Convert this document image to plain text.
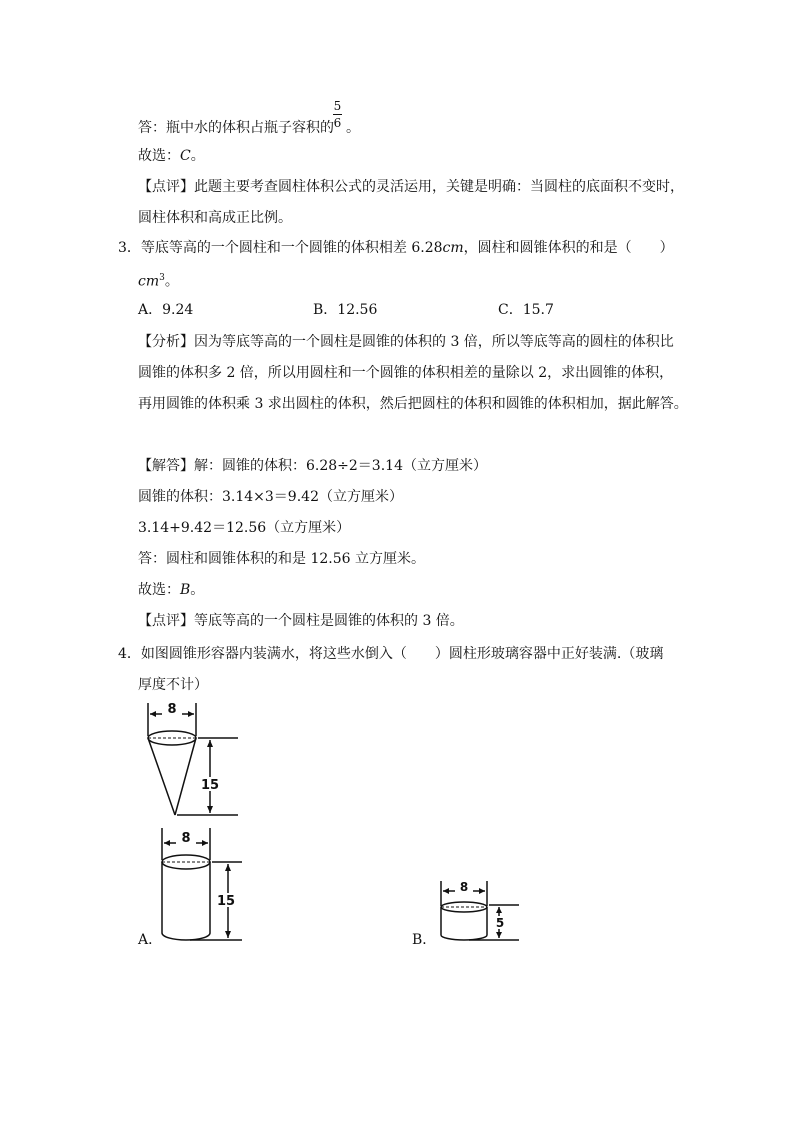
5
6
答：瓶中水的体积占瓶子容积的 。
故选：C。
【点评】此题主要考查圆柱体积公式的灵活运用，关键是明确：当圆柱的底面积不变时，
圆柱体积和高成正比例。
3．等底等高的一个圆柱和一个圆锥的体积相差 6.28cm，圆柱和圆锥体积的和是（　　）
$cm^3$。
A．9.24	B．12.56	C．15.7
【分析】因为等底等高的一个圆柱是圆锥的体积的 3 倍，所以等底等高的圆柱的体积比
圆锥的体积多 2 倍，所以用圆柱和一个圆锥的体积相差的量除以 2，求出圆锥的体积，
再用圆锥的体积乘 3 求出圆柱的体积，然后把圆柱的体积和圆锥的体积相加，据此解答。
【解答】解：圆锥的体积：6.28÷2＝3.14（立方厘米）
圆锥的体积：3.14×3＝9.42（立方厘米）
3.14+9.42＝12.56（立方厘米）
答：圆柱和圆锥体积的和是 12.56 立方厘米。
故选：B。
【点评】等底等高的一个圆柱是圆锥的体积的 3 倍。
4．如图圆锥形容器内装满水，将这些水倒入（　　）圆柱形玻璃容器中正好装满.（玻璃
厚度不计）
8
15
8
15
A．
8
5
B．
